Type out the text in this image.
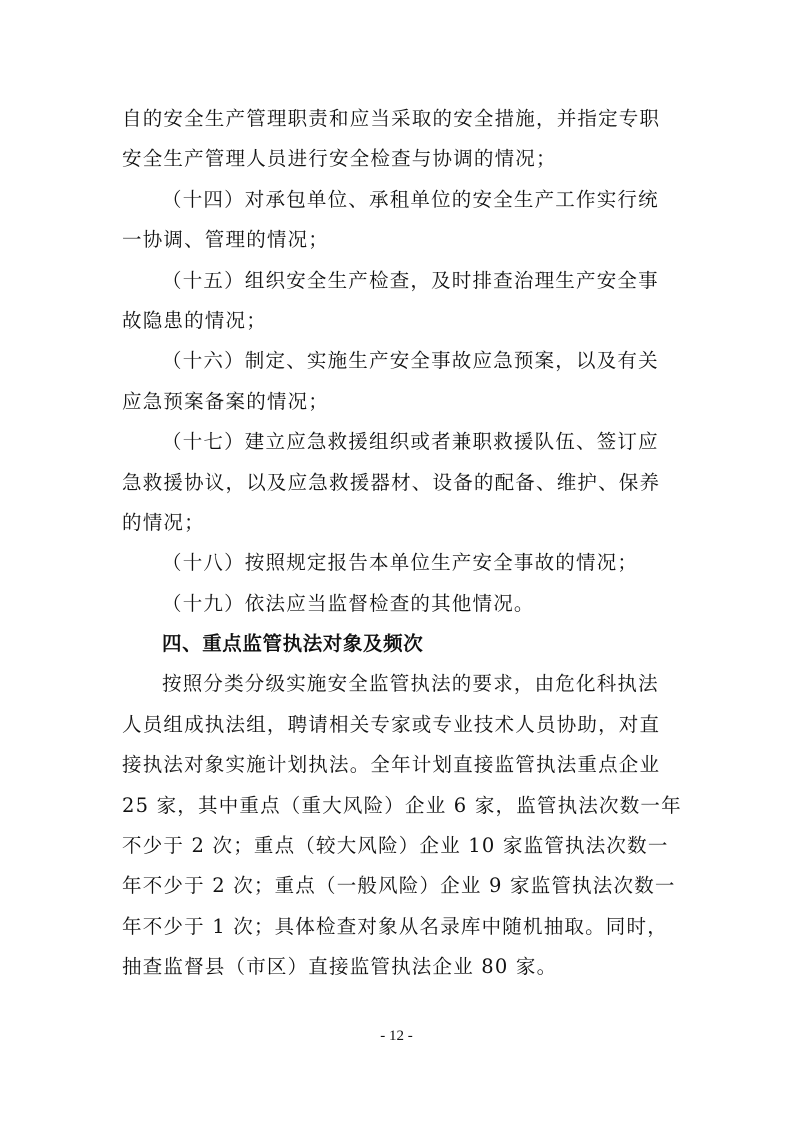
自的安全生产管理职责和应当采取的安全措施，并指定专职
安全生产管理人员进行安全检查与协调的情况；
（十四）对承包单位、承租单位的安全生产工作实行统
一协调、管理的情况；
（十五）组织安全生产检查，及时排查治理生产安全事
故隐患的情况；
（十六）制定、实施生产安全事故应急预案，以及有关
应急预案备案的情况；
（十七）建立应急救援组织或者兼职救援队伍、签订应
急救援协议，以及应急救援器材、设备的配备、维护、保养
的情况；
（十八）按照规定报告本单位生产安全事故的情况；
（十九）依法应当监督检查的其他情况。
四、重点监管执法对象及频次
按照分类分级实施安全监管执法的要求，由危化科执法
人员组成执法组，聘请相关专家或专业技术人员协助，对直
接执法对象实施计划执法。全年计划直接监管执法重点企业
25 家，其中重点（重大风险）企业 6 家，监管执法次数一年
不少于 2 次；重点（较大风险）企业 10 家监管执法次数一
年不少于 2 次；重点（一般风险）企业 9 家监管执法次数一
年不少于 1 次；具体检查对象从名录库中随机抽取。同时，
抽查监督县（市区）直接监管执法企业 80 家。
- 12 -
